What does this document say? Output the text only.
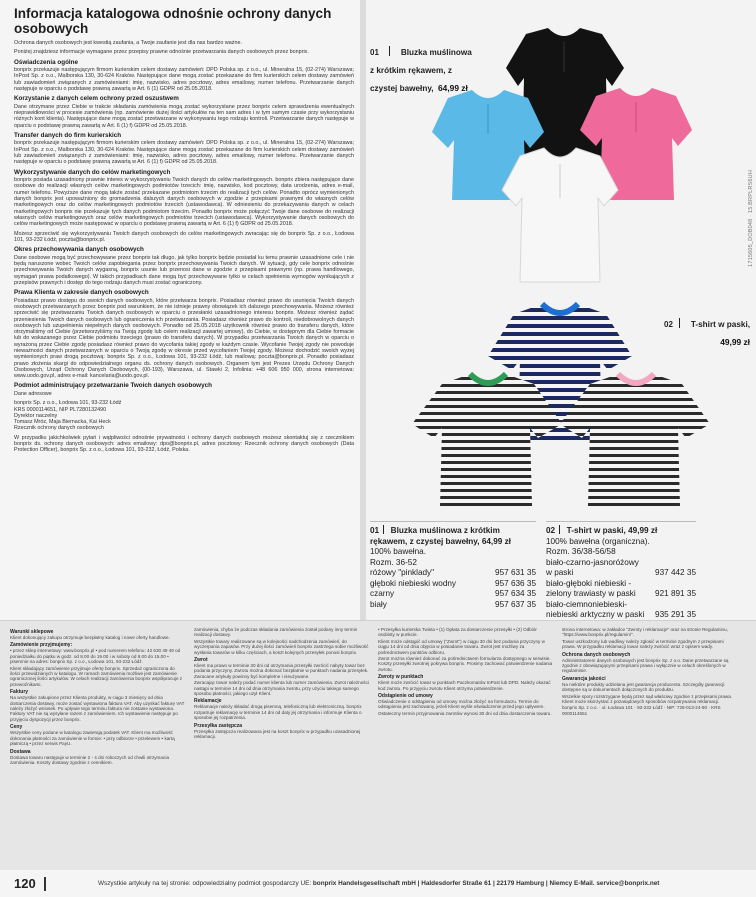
Informacja katalogowa odnośnie ochrony danych osobowych
Ochrona danych osobowych jest kwestią zaufania, a Twoje zaufanie jest dla nas bardzo ważne.
Poniżej znajdziesz informacje wymagane przez przepisy prawne odnośnie przetwarzania danych osobowych przez bonprix.
Oświadczenia ogólne
bonprix przekazuje następującym firmom kurierskim celem dostawy zamówień: DPD Polska sp. z o.o., ul. Mineralna 15, (02-274) Warszawa; InPost Sp. z o.o., Malborska 130, 30-624 Kraków. Następujące dane mogą zostać przekazane do firm kurierskich celem dostawy zamówień lub zawiadomień związanych z zamówieniami: imię, nazwisko, adres pocztowy, adres emailowy, numer telefonu. Przetwarzanie danych następuje w oparciu o podstawę prawną zawartą w Art. 6 (1) GDPR od 25.05.2018.
Korzystanie z danych celem ochrony przed oszustwem
Dane otrzymane przez Ciebie w trakcie składania zamówienia mogą zostać wykorzystane przez bonprix celem sprawdzenia ewentualnych nieprawidłowości w procesie zamówienia (np. zamówienie dużej ilości artykułów na ten sam adres i w tym samym czasie przy wykorzystaniu różnych kont klienta). Następujące dane mogą zostać przetwarzane w wykonywaniu tego rodzaju kontroli. Przetwarzanie danych następuje w oparciu o podstawę prawną zawartą w Art. 6 (1) f) GDPR od 25.05.2018.
Transfer danych do firm kurierskich
bonprix przekazuje następującym firmom kurierskim celem dostawy zamówień: DPD Polska sp. z o.o., ul. Mineralna 15, (02-274) Warszawa; InPost Sp. z o.o., Malborska 130, 30-624 Kraków. Następujące dane mogą zostać przekazane do firm kurierskich celem dostawy zamówień lub zawiadomień związanych z zamówieniami: imię, nazwisko, adres pocztowy, adres emailowy, numer telefonu. Przetwarzanie danych następuje w oparciu o podstawę prawną zawartą w Art. 6 (1) f) GDPR od 25.05.2018.
Wykorzystywanie danych do celów marketingowych
bonprix posiada uzasadniony prawnie interes w wykorzystywaniu Twoich danych do celów marketingowych. bonprix zbiera następujące dane osobowe do realizacji własnych celów marketingowych podmiotów trzecich: imię, nazwisko, kod pocztowy, data urodzenia, adres e-mail, numer telefonu. Powyższe dane mogą także zostać przekazane podmiotom trzecim do realizacji tych celów. Ponadto oprócz wymienionych danych bonprix jest upoważniony do gromadzenia dalszych danych osobowych w zgodzie z przepisami prawnymi do własnych celów marketingowych oraz do celów marketingowych podmiotów trzecich (ustawodawca). W odniesieniu do przekazywania danych w celach marketingowych bonprix nie przekazuje tych danych podmiotom trzecim. Ponadto bonprix może połączyć Twoje dane osobowe do realizacji własnych celów marketingowych oraz celów marketingowych podmiotów trzecich (ustawodawca). Wykorzystywanie danych osobowych do celów marketingowych może następować w oparciu o podstawę prawną zawartą w Art. 6 (1) f) GDPR od 25.05.2018.
Możesz sprzeciwić się wykorzystywaniu Twoich danych osobowych do celów marketingowych zwracając się do bonprix Sp. z o.o., Łodowa 101, 93-232 Łódź, poczta@bonprix.pl.
Okres przechowywania danych osobowych
Dane osobowe mogą być przechowywane przez bonprix tak długo, jak tylko bonprix będzie posiadał ku temu prawnie uzasadnione cele i nie będą naruszone wobec Twoich celów zapobiegania przez bonprix przechowywania Twoich danych. W sytuacji, gdy cele bonprix odnośnie przechowywania Twoich danych wygasną, bonprix usunie lub przenosi dane w zgodzie z przepisami prawnymi (np. prawa handlowego, wymagań prawa podatkowego). W takich przypadkach dane mogą być przechowywane tylko w celach spełnienia wymogów wynikających z przepisów prawnych i dostęp do tego rodzaju danych musi zostać ograniczony.
Prawa Klienta w zakresie danych osobowych
Posiadasz prawo dostępu do swoich danych osobowych, które przetwarza bonprix. Posiadasz również prawo do usunięcia Twoich danych osobowych przetwarzanych przez bonprix pod warunkiem, że nie istnieje prawny obowiązek ich dalszego przechowywania. Możesz również sprzeciwić się przetwarzaniu Twoich danych osobowych w oparciu o przesłanki uzasadnionego interesu bonprix. Możesz również żądać przeniesienia Twoich danych osobowych lub ograniczenia ich przetwarzania. Posiadasz również prawo do kontroli, niedobrowolnych danych osobowych lub uzupełnienia niepełnych danych osobowych. Ponadto od 25.05.2018 użytkownik również prawo do transferu danych, które otrzymaliśmy od Ciebie (przetworzyliśmy na Twoją zgodę lub celem realizacji zawartej umowy), do Ciebie, w dostępnym dla Ciebie formacie lub do wskazanego przez Ciebie podmiotu trzeciego (prawo do transferu danych). W przypadku przetwarzania Twoich danych w oparciu o wyrażoną przez Ciebie zgodę posiadasz również prawo do wycofania takiej zgody w każdym czasie. Wycofanie Twojej zgody nie powoduje nieważności danych przetwarzanych w oparciu o Twoją zgodę w okresie przed wycofaniem Twojej zgody. Możesz dochodzić swoich wyżej wymienionych praw drogą pocztową: bonprix Sp. z o.o., Łodowa 101, 93-232 Łódź, lub mailową: poczta@bonprix.pl. Ponadto posiadasz prawo złożenia skargi do odpowiedzialnego organu ds. ochrony danych osobowych. Organem tym jest Prezes Urzędu Ochrony Danych Osobowych, Urząd Ochrony Danych Osobowych, (00-193), Warszawa, ul. Stawki 2, Infolinia: +48 606 950 000, strona internetowa: www.uodo.gov.pl, adres e-mail: kancelaria@uodo.gov.pl.
Podmiot administrujący przetwarzanie Twoich danych osobowych
Dane adresowe
bonprix Sp. z o.o., Łodowa 101, 93-232 Łódź
KRS 0000114651, NIP PL7280132490
Dyrektor naczelny
Tomasz Mróz, Maja Biernacka, Kai Heck
Rzecznik ochrony danych osobowych
W przypadku jakichkolwiek pytań i wątpliwości odnośnie prywatności i ochrony danych osobowych możesz skontaktuj się z rzecznikiem bonprix ds. ochrony danych osobowych: adres emailowy: dpo@bonprix.pl, adres pocztowy: Rzecznik ochrony danych osobowych (Data Protection Officer), bonprix Sp. z o.o., Łodowa 101, 93-232, Łódź, Polska.
01	Bluzka muślinowa z krótkim rękawem, z czystej bawełny, 64,99 zł
02 T-shirt w paski,
49,99 zł
1715605_DOB048 · 15.BRPLRS6UH
01 Bluzka muślinowa z krótkim rękawem, z czystej bawełny, 64,99 zł
100% bawełna.
Rozm. 36-52
różowy "pinklady"	957 631 35
głęboki niebieski wodny	957 636 35
czarny	957 634 35
biały	957 637 35
02 T-shirt w paski, 49,99 zł
100% bawełna (organiczna).
Rozm. 36/38-56/58
biało-czarno-jasnoróżowy w paski	937 442 35
biało-głęboki niebieski - zielony trawiasty w paski	921 891 35
biało-ciemnoniebieski-niebieski arktyczny w paski 935 291 35
Warunki sklepowe
Klient dokonujący zakupu otrzymuje bezpłatny katalog i nowe oferty handlowe.
Zamówienie przyjmujemy:
• przez sklep internetowy: www.bonprix.pl • pod numerem telefonu: 42 630 49 49 od poniedziałku do piątku w godz. od 8.00 do 19.00 i w soboty od 9.00 do 15.00 • pisemnie na adres: bonprix Sp. z o.o., Łodowa 101, 93-232 Łódź.
Klient składający zamówienie przyjmuje ofertę bonprix. Sprzedaż ograniczona do ilości przewidzianych w katalogu. W ramach zamówienia możliwe jest zamówienie ograniczonej ilości artykułów. W celach realizacji zamówienia bonprix współpracuje z przewoźnikami.
Faktury
Na wszystkie zakupione przez Klienta produkty, w ciągu 3 miesięcy od dnia dostarczenia dostawy, może zostać wystawiona faktura VAT. Aby uzyskać fakturę VAT należy złożyć wniosek. Po upływie tego terminu faktura nie zostanie wystawiona. Faktury VAT nie są wysyłane razem z zamówieniem. Ich wystawienie następuje po przyjęciu dyspozycji przez bonprix.
Ceny
Wszystkie ceny podane w katalogu zawierają podatek VAT. Klient ma możliwość dokonania płatności za zamówienie w formie: • przy odbiorze • przelewem • kartą płatniczą • przez serwis PayU.
Dostawa
Dostawa towaru następuje w terminie 2 - 4 dni roboczych od chwili otrzymania zamówienia. Koszty dostawy zgodnie z cennikiem.
zamówienia, chyba że podczas składania zamówienia został podany inny termin realizacji dostawy.
Wszystkie towary realizowane są w kolejności nadchodzenia zamówień, do wyczerpania zapasów. Przy dużej ilości zamówień bonprix zastrzega sobie możliwość wysłania towarów w kilku częściach, a koszt kolejnych przesyłek ponosi bonprix.
Zwrot
Klient ma prawo w terminie 30 dni od otrzymania przesyłki zwrócić nabyty towar bez podania przyczyny. Zwrotu można dokonać bezpłatnie w punktach nadania przesyłek. Zwracane artykuły powinny być kompletne i nieużywane.
Zwracając towar należy podać numer klienta lub numer zamówienia. Zwrot należności nastąpi w terminie 14 dni od dnia otrzymania zwrotu, przy użyciu takiego samego sposobu płatności, jakiego użył Klient.
Reklamacje
Reklamacje należy składać drogą pisemną, telefoniczną lub elektroniczną. bonprix rozpatruje reklamację w terminie 14 dni od daty jej otrzymania i informuje Klienta o sposobie jej rozpatrzenia.
Przesyłka zastępcza
Przesyłka zastępcza realizowana jest na koszt bonprix w przypadku uzasadnionej reklamacji.
• Przesyłka kurierska Twista • (1) Opłata za dostarczenie przesyłki • (2) Odbiór osobisty w punkcie.
Klient może odstąpić od umowy ("Zwrot") w ciągu 30 dni bez podania przyczyny w ciągu 14 dni od dnia objęcia w posiadanie towaru. Zwrot jest możliwy za pośrednictwem punktów odbioru.
Zwrot można również dokonać za pośrednictwem formularza dostępnego w serwisie. Koszty przesyłki zwrotnej pokrywa bonprix. Prosimy zachować potwierdzenie nadania zwrotu.
Zwroty w punktach
Klient może zwrócić towar w punktach Paczkomatów InPost lub DPD. Należy okazać kod zwrotu. Po przyjęciu zwrotu Klient otrzyma potwierdzenie.
Odstąpienie od umowy
Oświadczenie o odstąpieniu od umowy można złożyć na formularzu. Termin do odstąpienia jest zachowany, jeżeli Klient wyśle oświadczenie przed jego upływem.
Ostateczny termin przyjmowania zwrotów wynosi 30 dni od dnia dostarczenia towaru.
strona internetowa: w zakładce "Zwroty i reklamacje" oraz na stronie Regulaminu, "https://www.bonprix.pl/regulamin/".
Towar uszkodzony lub wadliwy należy zgłosić w terminie zgodnym z przepisami prawa. W przypadku reklamacji towar należy zwrócić wraz z opisem wady.
Ochrona danych osobowych
Administratorem danych osobowych jest bonprix Sp. z o.o. Dane przetwarzane są zgodnie z obowiązującymi przepisami prawa i wyłącznie w celach określonych w regulaminie.
Gwarancja jakości
Na niektóre produkty udzielana jest gwarancja producenta. Szczegóły gwarancji dostępne są w dokumentach dołączonych do produktu.
Wszelkie spory rozstrzygane będą przez sąd właściwy zgodnie z przepisami prawa. Klient może skorzystać z pozasądowych sposobów rozpatrywania reklamacji.
bonprix Sp. z o.o. · ul. Łodowa 101 · 93-232 Łódź · NIP: 728-013-24-90 · KRS 0000114651
120	Wszystkie artykuły na tej stronie: odpowiedzialny podmiot gospodarczy UE: bonprix Handelsgesellschaft mbH | Haldesdorfer Straße 61 | 22179 Hamburg | Niemcy E-Mail. service@bonprix.net
